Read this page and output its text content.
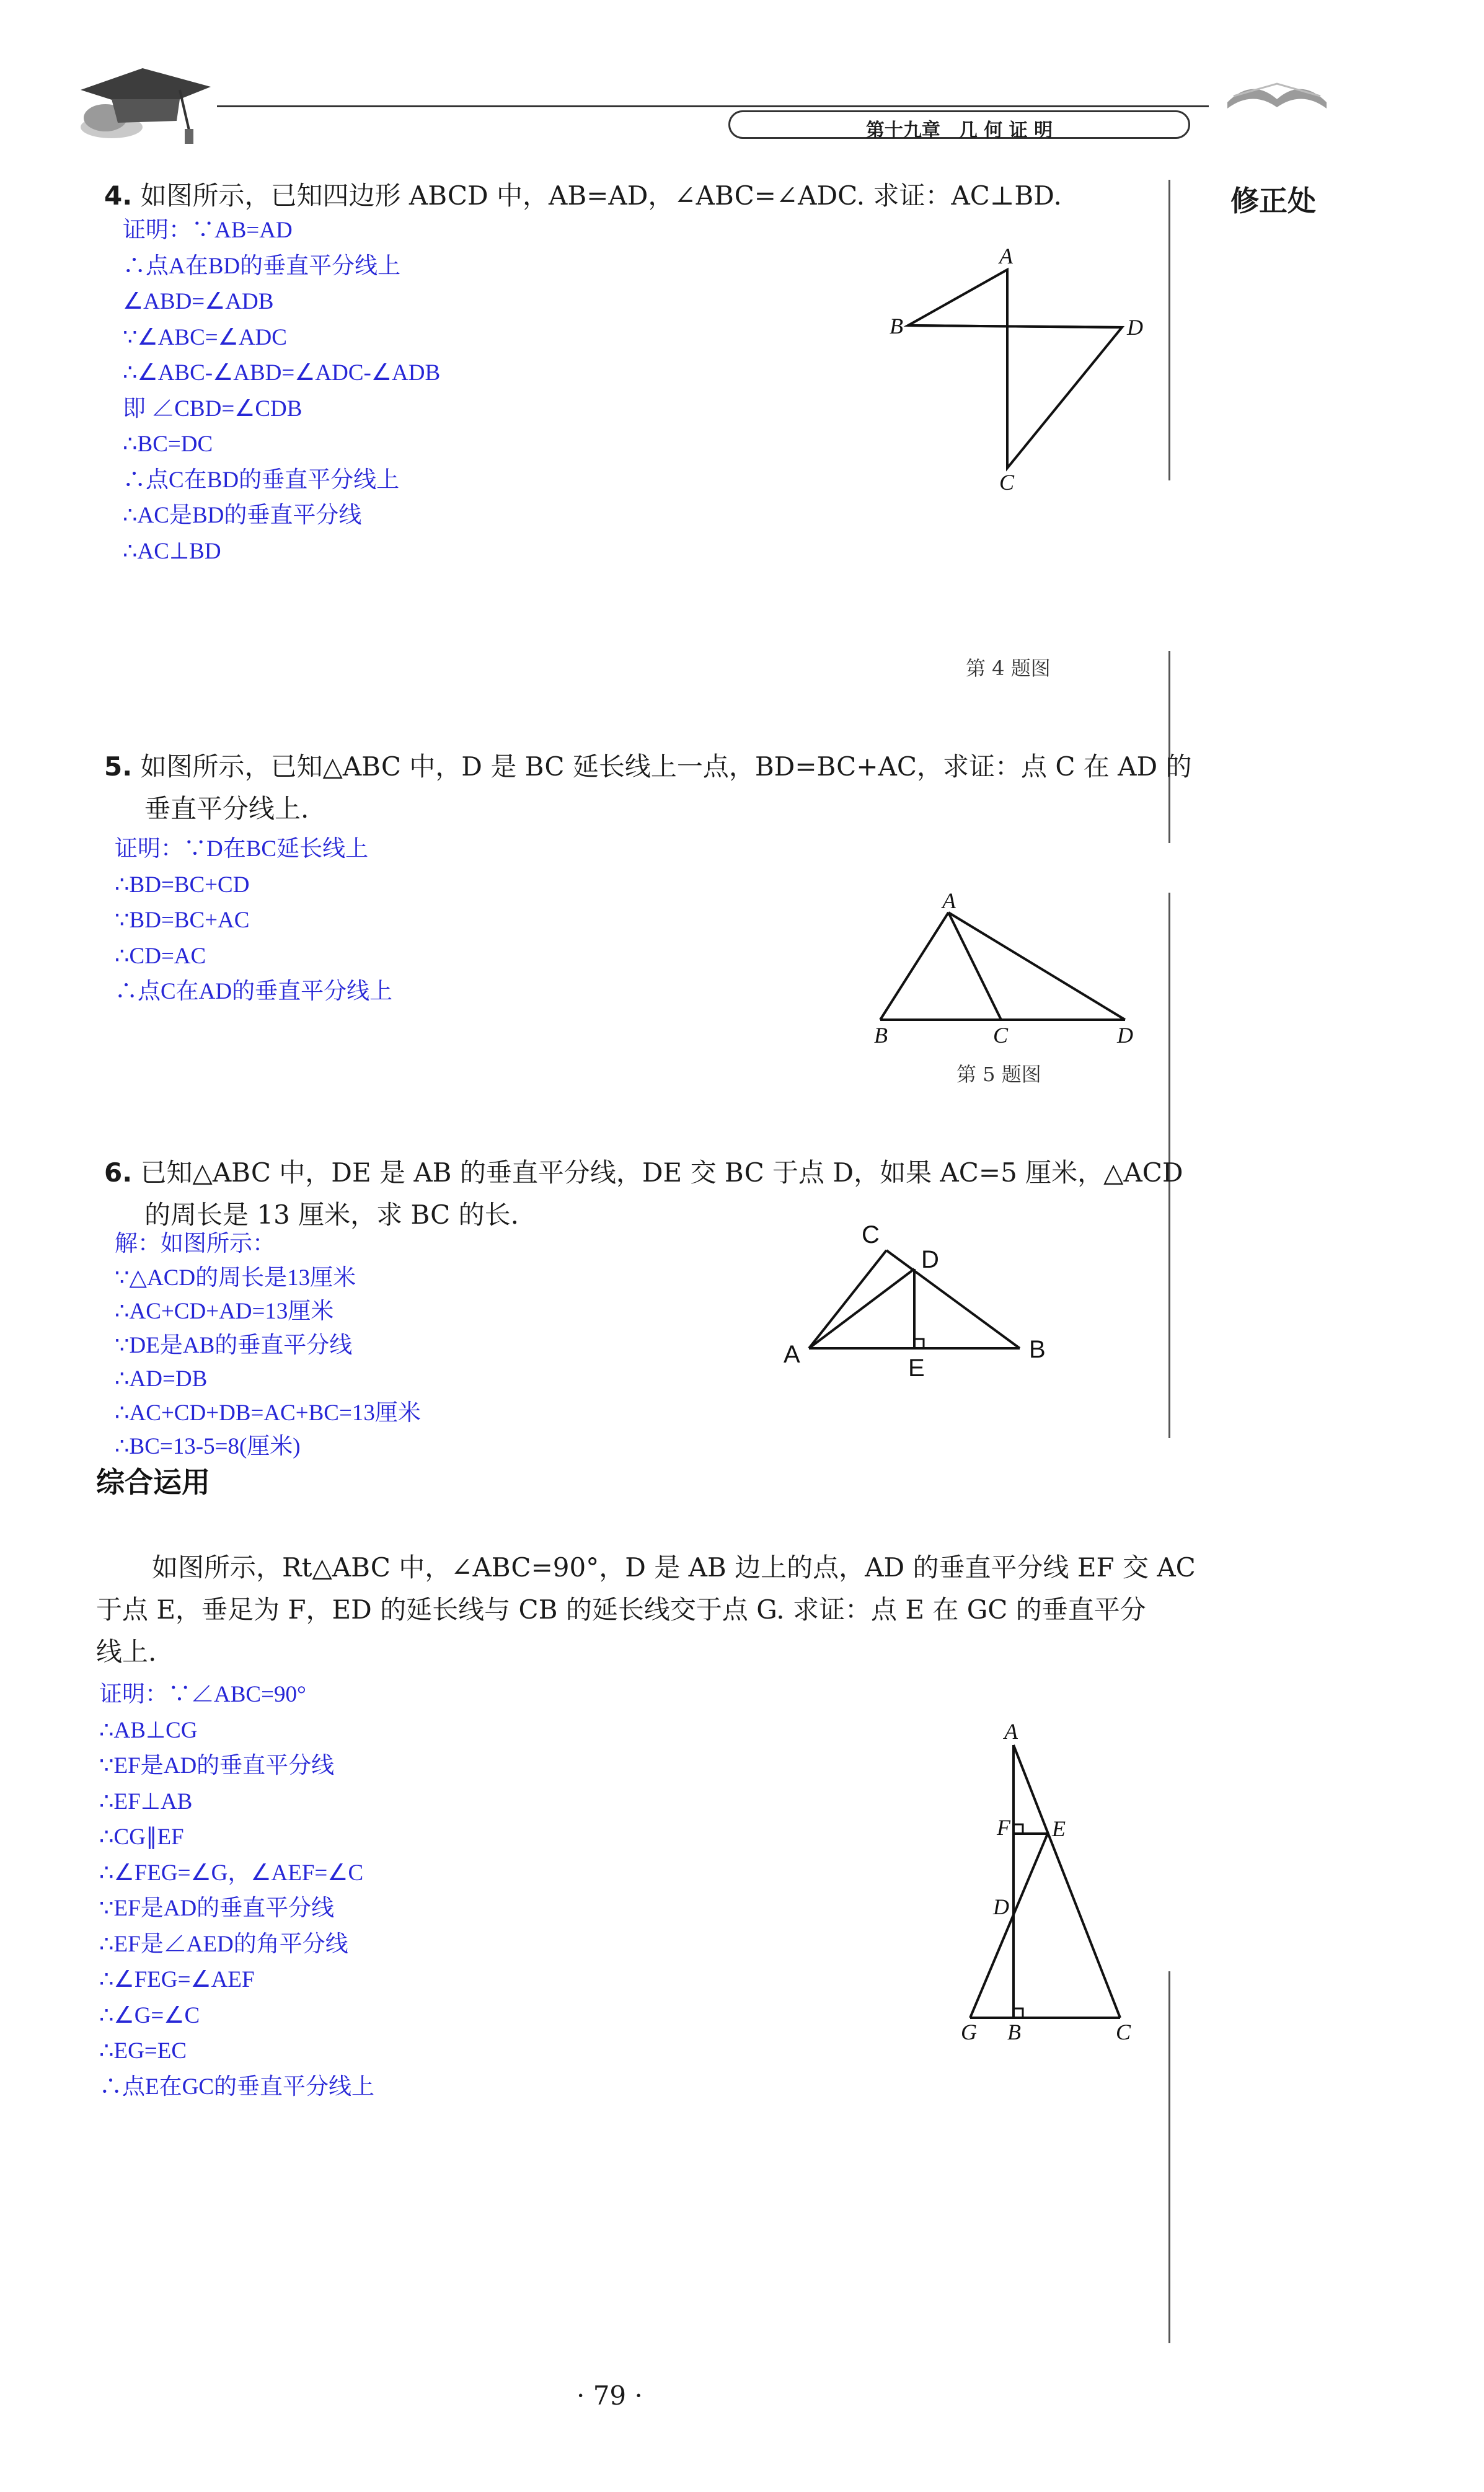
第十九章　几 何 证 明
修正处
4. 如图所示，已知四边形 ABCD 中，AB=AD，∠ABC=∠ADC. 求证：AC⊥BD.
证明：∵AB=AD
∴点A在BD的垂直平分线上
∠ABD=∠ADB
∵∠ABC=∠ADC
∴∠ABC-∠ABD=∠ADC-∠ADB
即 ∠CBD=∠CDB
∴BC=DC
∴点C在BD的垂直平分线上
∴AC是BD的垂直平分线
∴AC⊥BD
A
B
C
D
第 4 题图
5. 如图所示，已知△ABC 中，D 是 BC 延长线上一点，BD=BC+AC，求证：点 C 在 AD 的
垂直平分线上.
证明：∵D在BC延长线上
∴BD=BC+CD
∵BD=BC+AC
∴CD=AC
∴点C在AD的垂直平分线上
A
B	C	D
第 5 题图
6. 已知△ABC 中，DE 是 AB 的垂直平分线，DE 交 BC 于点 D，如果 AC=5 厘米，△ACD
的周长是 13 厘米，求 BC 的长.
解：如图所示：
∵△ACD的周长是13厘米
∴AC+CD+AD=13厘米
∵DE是AB的垂直平分线
∴AD=DB
∴AC+CD+DB=AC+BC=13厘米
∴BC=13-5=8(厘米)
C
D
A	B
E
综合运用
如图所示，Rt△ABC 中，∠ABC=90°，D 是 AB 边上的点，AD 的垂直平分线 EF 交 AC
于点 E，垂足为 F，ED 的延长线与 CB 的延长线交于点 G. 求证：点 E 在 GC 的垂直平分
线上.
证明：∵∠ABC=90°
∴AB⊥CG
∵EF是AD的垂直平分线
∴EF⊥AB
∴CG∥EF
∴∠FEG=∠G，∠AEF=∠C
∵EF是AD的垂直平分线
∴EF是∠AED的角平分线
∴∠FEG=∠AEF
∴∠G=∠C
∴EG=EC
∴点E在GC的垂直平分线上
A
F E
D
G B	C
· 79 ·
